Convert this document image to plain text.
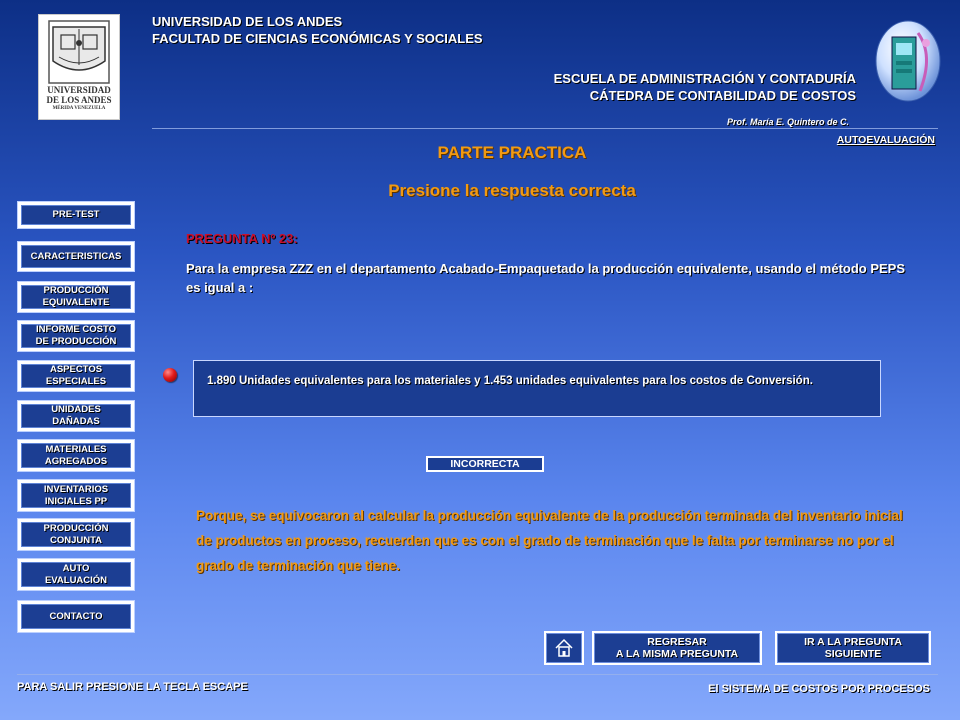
UNIVERSIDAD
DE LOS ANDES
MÉRIDA VENEZUELA
UNIVERSIDAD DE LOS ANDES
FACULTAD DE CIENCIAS ECONÓMICAS Y SOCIALES
ESCUELA DE ADMINISTRACIÓN Y CONTADURÍA
CÁTEDRA DE CONTABILIDAD DE COSTOS
Prof. María E. Quintero de C.
AUTOEVALUACIÓN
PARTE PRACTICA
Presione la respuesta correcta
PRE-TEST
CARACTERISTICAS
PRODUCCIÓN
EQUIVALENTE
INFORME COSTO
DE PRODUCCIÓN
ASPECTOS
ESPECIALES
UNIDADES
DAÑADAS
MATERIALES
AGREGADOS
INVENTARIOS
INICIALES PP
PRODUCCIÓN
CONJUNTA
AUTO
EVALUACIÓN
CONTACTO
PREGUNTA Nº 23:
Para la empresa ZZZ en el departamento Acabado-Empaquetado la producción equivalente, usando el método PEPS es igual a :
1.890 Unidades equivalentes para los materiales y 1.453 unidades equivalentes para los costos de Conversión.
INCORRECTA
Porque, se equivocaron al calcular la producción equivalente de la producción terminada del inventario inicial de productos en proceso, recuerden que es con el grado de terminación que le falta por terminarse no por el grado de terminación que tiene.
REGRESAR
A LA MISMA PREGUNTA
IR A LA PREGUNTA
SIGUIENTE
PARA SALIR PRESIONE LA TECLA ESCAPE	El SISTEMA DE COSTOS POR PROCESOS
